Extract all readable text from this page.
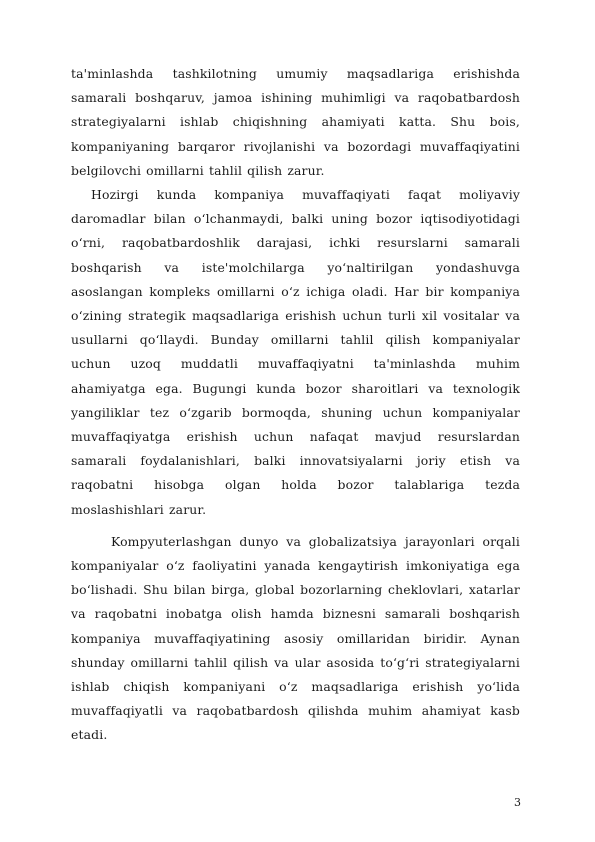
ta'minlashda tashkilotning umumiy maqsadlariga erishishda samarali boshqaruv, jamoa ishining muhimligi va raqobatbardosh strategiyalarni ishlab chiqishning ahamiyati katta. Shu bois, kompaniyaning barqaror rivojlanishi va bozordagi muvaffaqiyatini belgilovchi omillarni tahlil qilish zarur.

Hozirgi kunda kompaniya muvaffaqiyati faqat moliyaviy daromadlar bilan o‘lchanmaydi, balki uning bozor iqtisodiyotidagi o‘rni, raqobatbardoshlik darajasi, ichki resurslarni samarali boshqarish va iste'molchilarga yo‘naltirilgan yondashuvga asoslangan kompleks omillarni o‘z ichiga oladi. Har bir kompaniya o‘zining strategik maqsadlariga erishish uchun turli xil vositalar va usullarni qo‘llaydi. Bunday omillarni tahlil qilish kompaniyalar uchun uzoq muddatli muvaffaqiyatni ta'minlashda muhim ahamiyatga ega. Bugungi kunda bozor sharoitlari va texnologik yangiliklar tez o‘zgarib bormoqda, shuning uchun kompaniyalar muvaffaqiyatga erishish uchun nafaqat mavjud resurslardan samarali foydalanishlari, balki innovatsiyalarni joriy etish va raqobatni hisobga olgan holda bozor talablariga tezda moslashishlari zarur.

Kompyuterlashgan dunyo va globalizatsiya jarayonlari orqali kompaniyalar o‘z faoliyatini yanada kengaytirish imkoniyatiga ega bo‘lishadi. Shu bilan birga, global bozorlarning cheklovlari, xatarlar va raqobatni inobatga olish hamda biznesni samarali boshqarish kompaniya muvaffaqiyatining asosiy omillaridan biridir. Aynan shunday omillarni tahlil qilish va ular asosida to‘g‘ri strategiyalarni ishlab chiqish kompaniyani o‘z maqsadlariga erishish yo‘lida muvaffaqiyatli va raqobatbardosh qilishda muhim ahamiyat kasb etadi.

3
